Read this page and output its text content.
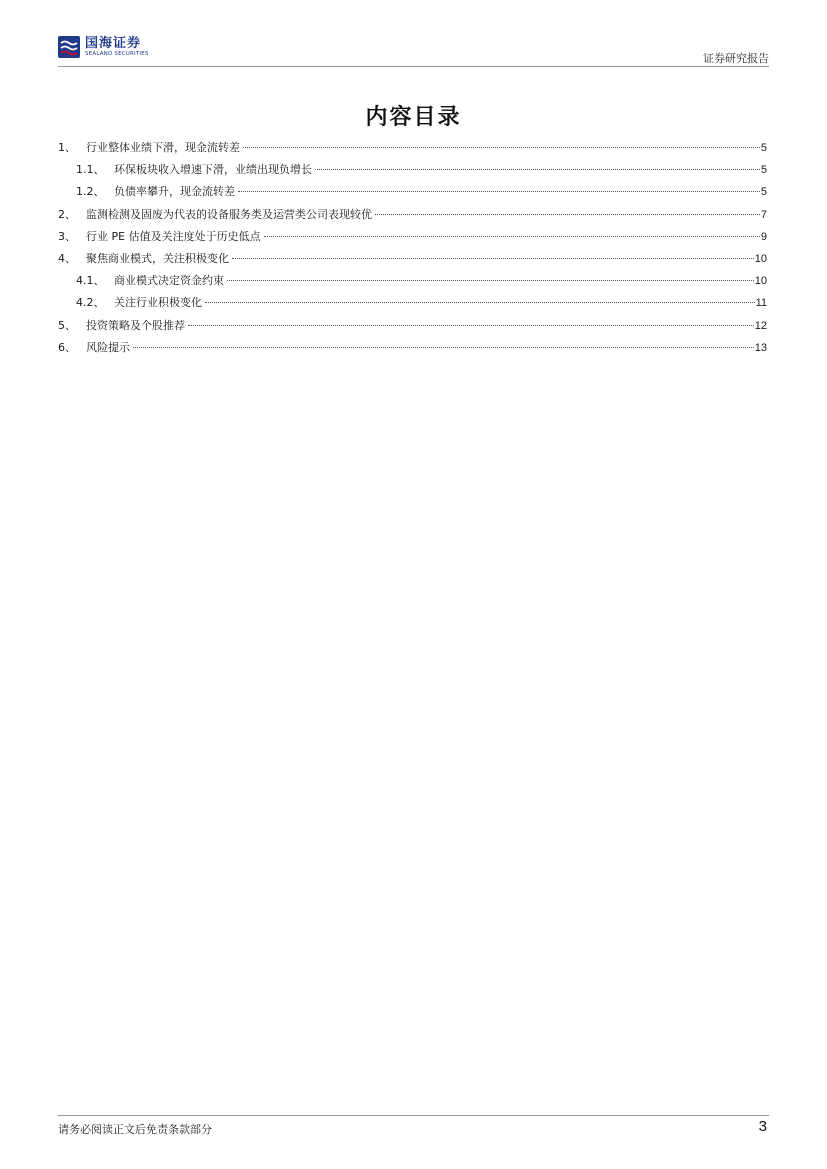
国海证券
SEALAND SECURITIES	证券研究报告
内容目录
1、 行业整体业绩下滑，现金流转差	5
1.1、 环保板块收入增速下滑，业绩出现负增长	5
1.2、 负债率攀升，现金流转差	5
2、 监测检测及固废为代表的设备服务类及运营类公司表现较优	7
3、 行业 PE 估值及关注度处于历史低点	9
4、 聚焦商业模式，关注积极变化	10
4.1、 商业模式决定资金约束	10
4.2、 关注行业积极变化	11
5、 投资策略及个股推荐	12
6、 风险提示	13
请务必阅读正文后免责条款部分	3
